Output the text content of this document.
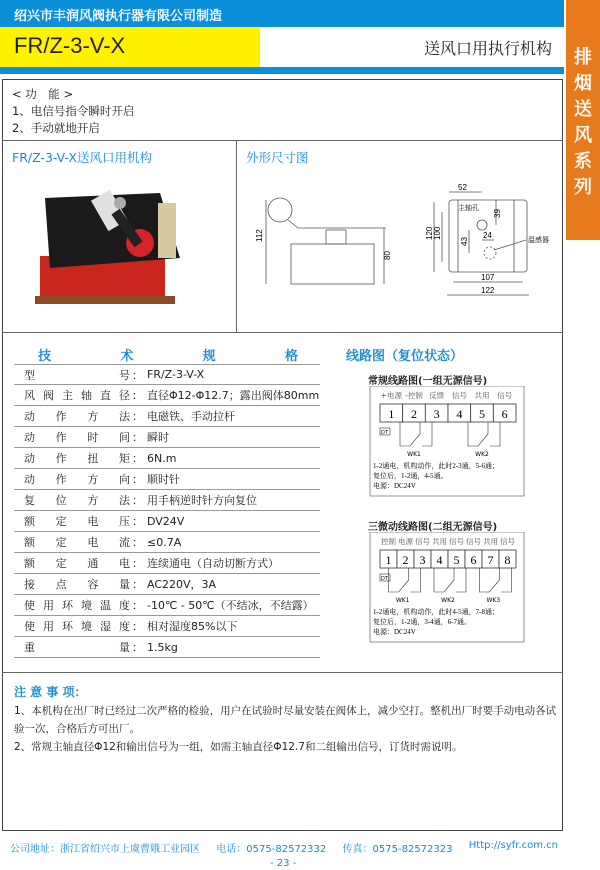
绍兴市丰润风阀执行器有限公司制造
FR/Z-3-V-X	送风口用执行机构	排
烟
送
风
系
列
< 功　能 >
1、电信号指令瞬时开启
2、手动就地开启
FR/Z-3-V-X送风口用机构	外形尺寸图
112
80
52
39
120 100
43
24
107
122
主轴孔
温感器
技	术	规	格
型号 ： FR/Z-3-V-X
风阀主轴直径 ： 直径Φ12-Φ12.7；露出阀体80mm
动作方法 ： 电磁铁、手动拉杆
动作时间 ： 瞬时
动作扭矩 ： 6N.m
动作方向 ： 顺时针
复位方法 ： 用手柄逆时针方向复位
额定电压 ： DV24V
额定电流 ： ≤0.7A
额定通电 ： 连续通电（自动切断方式）
接点容量 ： AC220V，3A
使用环境温度 ： -10℃ - 50℃（不结冰，不结露）
使用环境湿度 ： 相对湿度85%以下
重量 ： 1.5kg
线路图（复位状态）
常规线路图(一组无源信号)
+电源 -控制 反馈 信号 共用 信号
1 2 3 4 5 6
DT
WK1	WK2
1-2通电，机构动作，此时2-3通，5-6通；
复位后，1-2通，4-5通。
电源：DC24V
三微动线路图(二组无源信号)
控制 电源 信号 共用 信号 信号 共用 信号
1 2 3 4 5 6 7 8
DT
WK1	WK2	WK3
1-2通电，机构动作，此时4-5通，7-8通；
复位后，1-2通，3-4通，6-7通。
电源：DC24V
注 意 事 项：
1、本机构在出厂时已经过二次严格的检验，用户在试验时尽量安装在阀体上，减少空打。整机出厂时要手动电动各试验一次，合格后方可出厂。
2、常规主轴直径Φ12和输出信号为一组，如需主轴直径Φ12.7和二组输出信号，订货时需说明。
公司地址：浙江省绍兴市上虞曹娥工业园区 电话：0575-82572332 传真：0575-82572323 Http://syfr.com.cn
- 23 -
